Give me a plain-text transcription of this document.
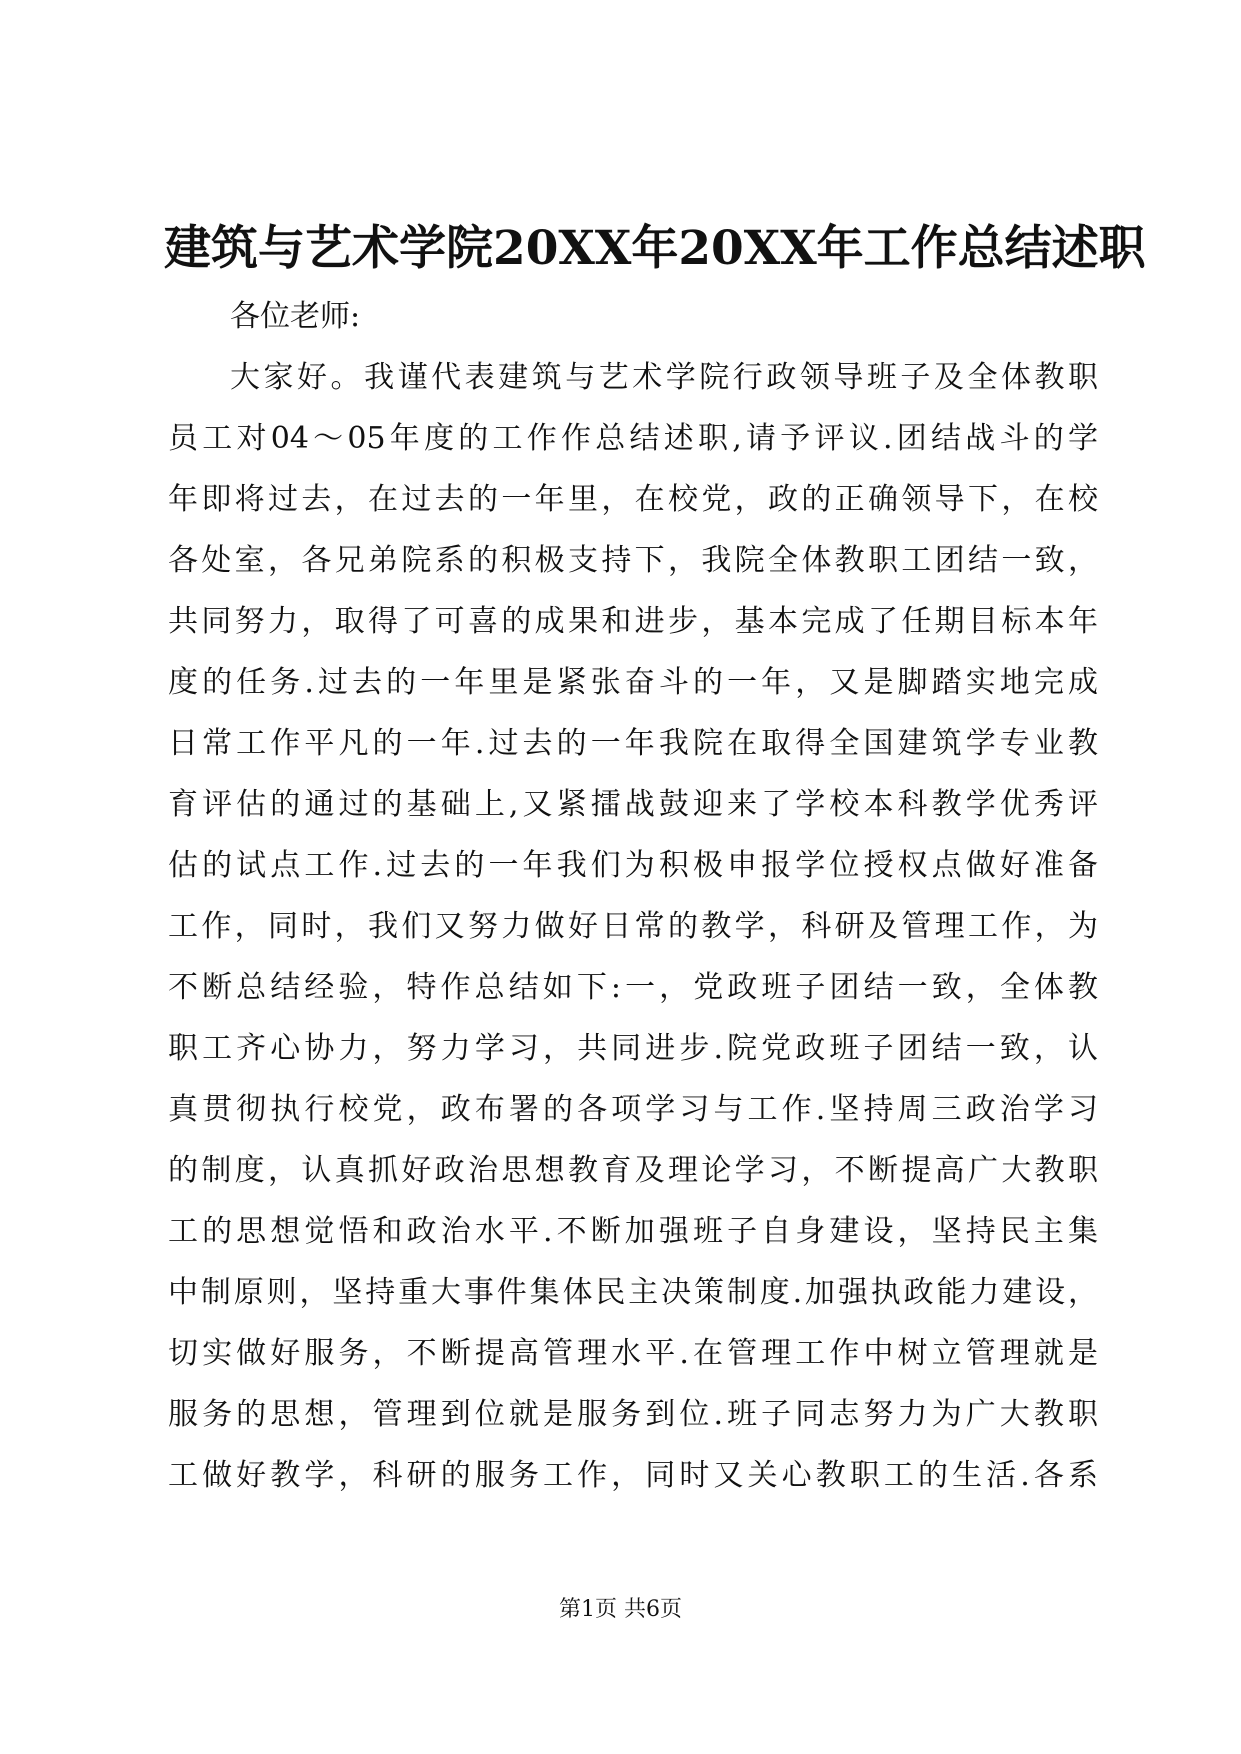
建筑与艺术学院20XX年20XX年工作总结述职
各位老师:
大家好。我谨代表建筑与艺术学院行政领导班子及全体教职
员工对04～05年度的工作作总结述职,请予评议.团结战斗的学
年即将过去，在过去的一年里，在校党，政的正确领导下，在校
各处室，各兄弟院系的积极支持下，我院全体教职工团结一致，
共同努力，取得了可喜的成果和进步，基本完成了任期目标本年
度的任务.过去的一年里是紧张奋斗的一年，又是脚踏实地完成
日常工作平凡的一年.过去的一年我院在取得全国建筑学专业教
育评估的通过的基础上,又紧擂战鼓迎来了学校本科教学优秀评
估的试点工作.过去的一年我们为积极申报学位授权点做好准备
工作，同时，我们又努力做好日常的教学，科研及管理工作，为
不断总结经验，特作总结如下:一，党政班子团结一致，全体教
职工齐心协力，努力学习，共同进步.院党政班子团结一致，认
真贯彻执行校党，政布署的各项学习与工作.坚持周三政治学习
的制度，认真抓好政治思想教育及理论学习，不断提高广大教职
工的思想觉悟和政治水平.不断加强班子自身建设，坚持民主集
中制原则，坚持重大事件集体民主决策制度.加强执政能力建设，
切实做好服务，不断提高管理水平.在管理工作中树立管理就是
服务的思想，管理到位就是服务到位.班子同志努力为广大教职
工做好教学，科研的服务工作，同时又关心教职工的生活.各系
第1页 共6页
